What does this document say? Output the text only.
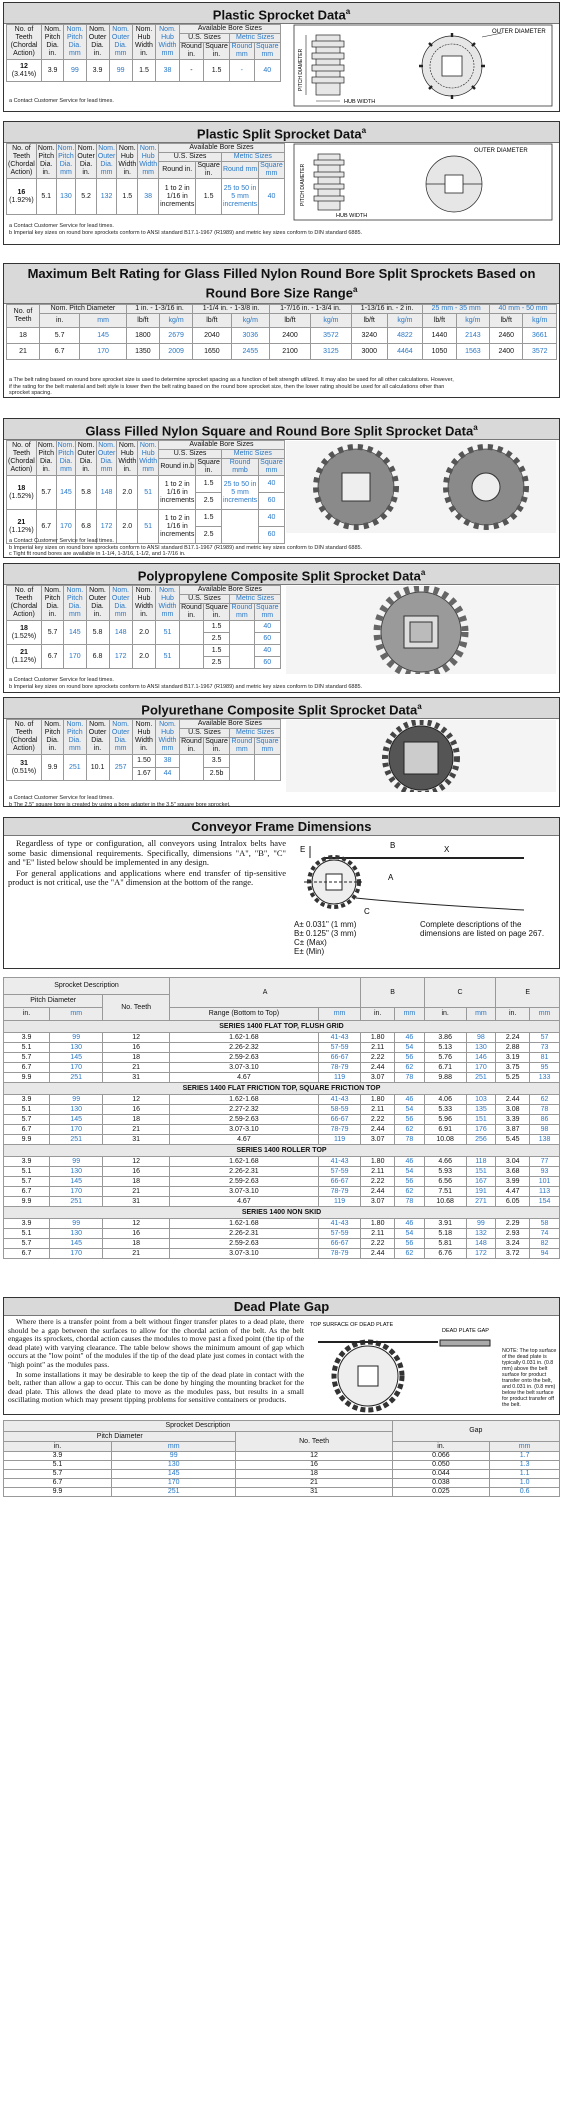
Plastic Sprocket Data$^a$
No. of Teeth (Chordal Action)	Nom. Pitch Dia. in.	Nom. Pitch Dia. mm	Nom. Outer Dia. in.	Nom. Outer Dia. mm	Nom. Hub Width in.	Nom. Hub Width mm	Available Bore Sizes			
							U.S. Sizes		Metric Sizes	
							Round in.	Square in.	Round mm	Square mm
12
(3.41%)	3.9	99	3.9	99	1.5	38	-	1.5	-	40
a Contact Customer Service for lead times.
OUTER DIAMETER
PITCH DIAMETER
HUB WIDTH
Plastic Split Sprocket Data$^a$
No. of Teeth (Chordal Action)	Nom. Pitch Dia. in.	Nom. Pitch Dia. mm	Nom. Outer Dia. in.	Nom. Outer Dia. mm	Nom. Hub Width in.	Nom. Hub Width mm	Available Bore Sizes			
							U.S. Sizes		Metric Sizes	
							Round in.	Square in.	Round mm	Square mm
16
(1.92%)	5.1	130	5.2	132	1.5	38	1 to 2 in 1/16 in increments	1.5	25 to 50 in 5 mm increments	40
a Contact Customer Service for lead times.
b Imperial key sizes on round bore sprockets conform to ANSI standard B17.1-1967 (R1989) and metric key sizes conform to DIN standard 6885.
OUTER DIAMETER
PITCH DIAMETER
HUB WIDTH
Maximum Belt Rating for Glass Filled Nylon Round Bore Split Sprockets Based on Round Bore Size Range$^a$
No. of Teeth	Nom. Pitch Diameter		1 in. - 1-3/16 in.		1-1/4 in. - 1-3/8 in.		1-7/16 in. - 1-3/4 in.		1-13/16 in. - 2 in.		25 mm - 35 mm		40 mm - 50 mm	
	in.	mm	lb/ft	kg/m	lb/ft	kg/m	lb/ft	kg/m	lb/ft	kg/m	lb/ft	kg/m	lb/ft	kg/m
18	5.7	145	1800	2679	2040	3036	2400	3572	3240	4822	1440	2143	2460	3661
21	6.7	170	1350	2009	1650	2455	2100	3125	3000	4464	1050	1563	2400	3572
a The belt rating based on round bore sprocket size is used to determine sprocket spacing as a function of belt strength utilized. It may also be used for all other calculations. However,
if the rating for the belt material and belt style is lower then the belt rating based on the round bore sprocket size, then the lower rating should be used for all calculations other than
sprocket spacing.
Glass Filled Nylon Square and Round Bore Split Sprocket Data$^a$
No. of Teeth (Chordal Action)	Nom. Pitch Dia. in.	Nom. Pitch Dia. mm	Nom. Outer Dia. in.	Nom. Outer Dia. mm	Nom. Hub Width in.	Nom. Hub Width mm	Available Bore Sizes			
							U.S. Sizes		Metric Sizes	
							Round in.b	Square in.	Round mmb	Square mm
18
(1.52%)	5.7	145	5.8	148	2.0	51	1 to 2 in 1/16 in increments	1.5	25 to 50 in 5 mm increments	40
								2.5		60
21
(1.12%)	6.7	170	6.8	172	2.0	51	1 to 2 in 1/16 in increments	1.5		40
								2.5		60
a Contact Customer Service for lead times.
b Imperial key sizes on round bore sprockets conform to ANSI standard B17.1-1967 (R1989) and metric key sizes conform to DIN standard 6885.
c Tight fit round bores are available in 1-1/4, 1-3/16, 1-1/2, and 1-7/16 in.
Polypropylene Composite Split Sprocket Data$^a$
No. of Teeth (Chordal Action)	Nom. Pitch Dia. in.	Nom. Pitch Dia. mm	Nom. Outer Dia. in.	Nom. Outer Dia. mm	Nom. Hub Width in.	Nom. Hub Width mm	Available Bore Sizes			
							U.S. Sizes		Metric Sizes	
							Round in.	Square in.	Round mm	Square mm
18
(1.52%)	5.7	145	5.8	148	2.0	51		1.5		40
								2.5		60
21
(1.12%)	6.7	170	6.8	172	2.0	51		1.5		40
								2.5		60
a Contact Customer Service for lead times.
b Imperial key sizes on round bore sprockets conform to ANSI standard B17.1-1967 (R1989) and metric key sizes conform to DIN standard 6885.
Polyurethane Composite Split Sprocket Data$^a$
No. of Teeth (Chordal Action)	Nom. Pitch Dia. in.	Nom. Pitch Dia. mm	Nom. Outer Dia. in.	Nom. Outer Dia. mm	Nom. Hub Width in.	Nom. Hub Width mm	Available Bore Sizes			
							U.S. Sizes		Metric Sizes	
							Round in.	Square in.	Round mm	Square mm
31
(0.51%)	9.9	251	10.1	257	1.50	38		3.5		
					1.67	44		2.5b		
a Contact Customer Service for lead times.
b The 2.5" square bore is created by using a bore adapter in the 3.5" square bore sprocket.
Conveyor Frame Dimensions

Regardless of type or configuration, all conveyors using Intralox belts have some basic dimensional requirements. Specifically, dimensions "A", "B", "C" and "E" listed below should be implemented in any design.

For general applications and applications where end transfer of tip-sensitive product is not critical, use the "A" dimension at the bottom of the range.

E	B	X
A
C
A± 0.031" (1 mm)
B± 0.125" (3 mm)
C± (Max)
E± (Min)
Complete descriptions of the dimensions are listed on page 267.
Sprocket Description			A		B		C		E	
Pitch Diameter		No. Teeth								
in.	mm		Range (Bottom to Top)	mm	in.	mm	in.	mm	in.	mm
SERIES 1400 FLAT TOP, FLUSH GRID										
3.9	99	12	1.62-1.68	41-43	1.80	46	3.86	98	2.24	57
5.1	130	16	2.26-2.32	57-59	2.11	54	5.13	130	2.88	73
5.7	145	18	2.59-2.63	66-67	2.22	56	5.76	146	3.19	81
6.7	170	21	3.07-3.10	78-79	2.44	62	6.71	170	3.75	95
9.9	251	31	4.67	119	3.07	78	9.88	251	5.25	133
SERIES 1400 FLAT FRICTION TOP, SQUARE FRICTION TOP										
3.9	99	12	1.62-1.68	41-43	1.80	46	4.06	103	2.44	62
5.1	130	16	2.27-2.32	58-59	2.11	54	5.33	135	3.08	78
5.7	145	18	2.59-2.63	66-67	2.22	56	5.96	151	3.39	86
6.7	170	21	3.07-3.10	78-79	2.44	62	6.91	176	3.87	98
9.9	251	31	4.67	119	3.07	78	10.08	256	5.45	138
SERIES 1400 ROLLER TOP										
3.9	99	12	1.62-1.68	41-43	1.80	46	4.66	118	3.04	77
5.1	130	16	2.26-2.31	57-59	2.11	54	5.93	151	3.68	93
5.7	145	18	2.59-2.63	66-67	2.22	56	6.56	167	3.99	101
6.7	170	21	3.07-3.10	78-79	2.44	62	7.51	191	4.47	113
9.9	251	31	4.67	119	3.07	78	10.68	271	6.05	154
SERIES 1400 NON SKID										
3.9	99	12	1.62-1.68	41-43	1.80	46	3.91	99	2.29	58
5.1	130	16	2.26-2.31	57-59	2.11	54	5.18	132	2.93	74
5.7	145	18	2.59-2.63	66-67	2.22	56	5.81	148	3.24	82
6.7	170	21	3.07-3.10	78-79	2.44	62	6.76	172	3.72	94
Dead Plate Gap

Where there is a transfer point from a belt without finger transfer plates to a dead plate, there should be a gap between the surfaces to allow for the chordal action of the belt. As the belt engages its sprockets, chordal action causes the modules to move past a fixed point (the tip of the dead plate) with varying clearance. The table below shows the minimum amount of gap which occurs at the "low point" of the modules if the tip of the dead plate just comes in contact with the "high point" as the modules pass.

In some installations it may be desirable to keep the tip of the dead plate in contact with the belt, rather than allow a gap to occur. This can be done by hinging the mounting bracket for the dead plate. This allows the dead plate to move as the modules pass, but results in a small oscillating motion which may present tipping problems for sensitive containers or products.

TOP SURFACE OF DEAD PLATE
DEAD PLATE GAP
NOTE: The top surface of the dead plate is typically 0.031 in. (0.8 mm) above the belt surface for product transfer onto the belt, and 0.031 in. (0.8 mm) below the belt surface for product transfer off the belt.
Sprocket Description			Gap	
Pitch Diameter		No. Teeth		
in.	mm		in.	mm
3.9	99	12	0.066	1.7
5.1	130	16	0.050	1.3
5.7	145	18	0.044	1.1
6.7	170	21	0.038	1.0
9.9	251	31	0.025	0.6
